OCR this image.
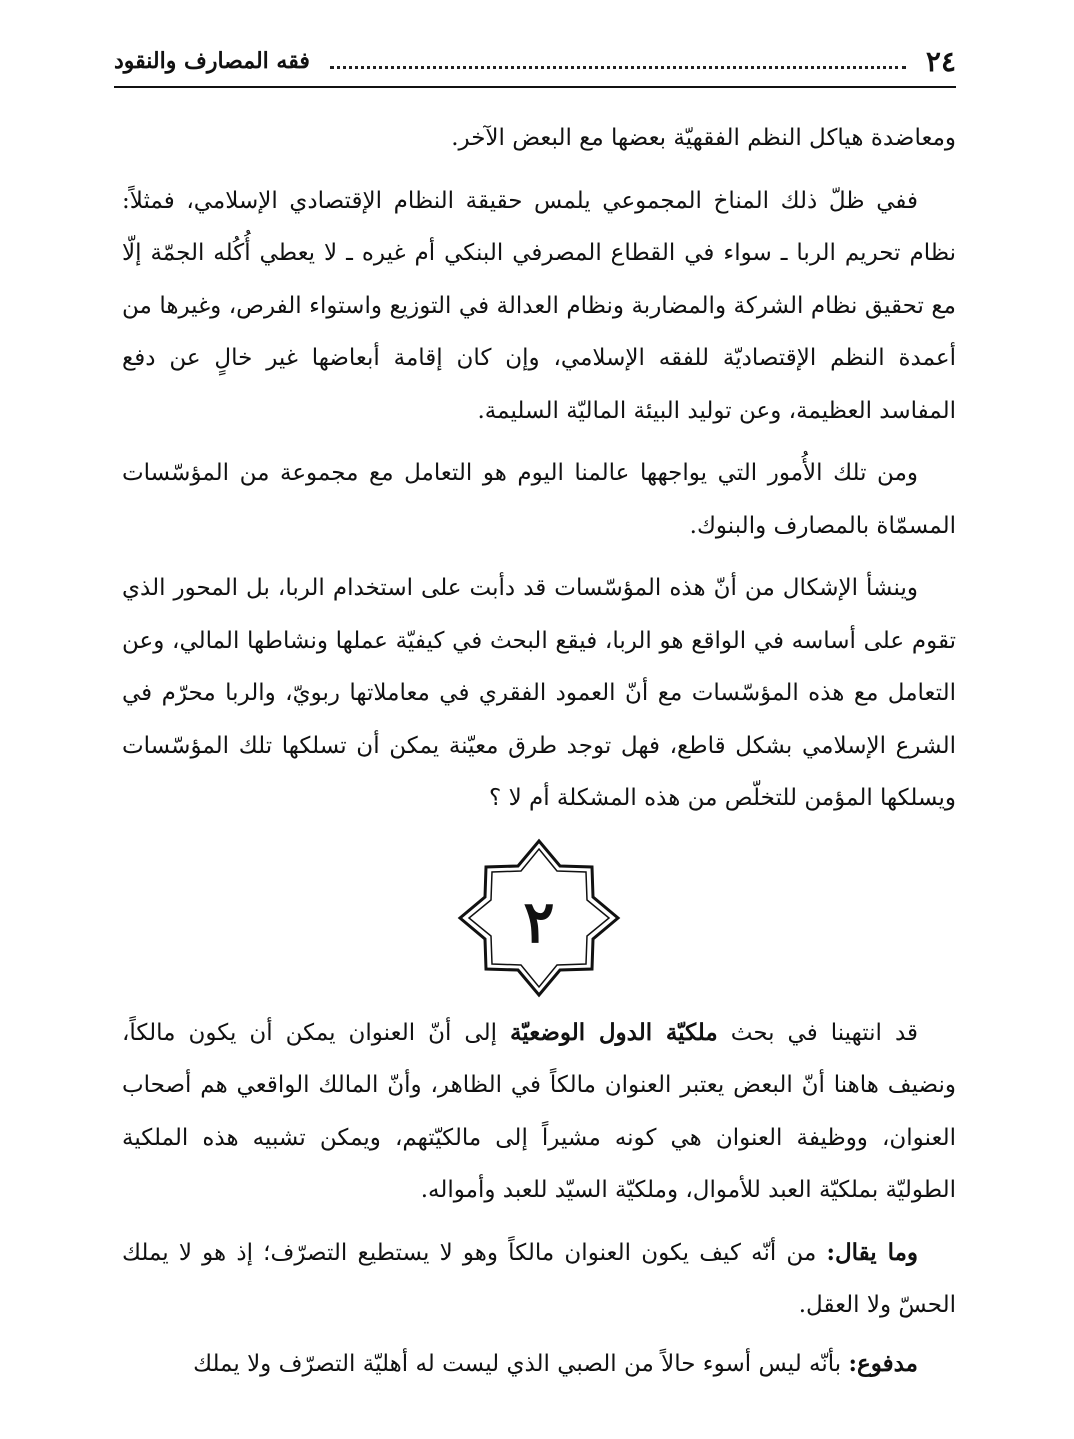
٢٤
فقه المصارف والنقود

ومعاضدة هياكل النظم الفقهيّة بعضها مع البعض الآخر.

ففي ظلّ ذلك المناخ المجموعي يلمس حقيقة النظام الإقتصادي الإسلامي، فمثلاً: نظام تحريم الربا ـ سواء في القطاع المصرفي البنكي أم غيره ـ لا يعطي أُكُله الجمّة إلّا مع تحقيق نظام الشركة والمضاربة ونظام العدالة في التوزيع واستواء الفرص، وغيرها من أعمدة النظم الإقتصاديّة للفقه الإسلامي، وإن كان إقامة أبعاضها غير خالٍ عن دفع المفاسد العظيمة، وعن توليد البيئة الماليّة السليمة.

ومن تلك الأُمور التي يواجهها عالمنا اليوم هو التعامل مع مجموعة من المؤسّسات المسمّاة بالمصارف والبنوك.

وينشأ الإشكال من أنّ هذه المؤسّسات قد دأبت على استخدام الربا، بل المحور الذي تقوم على أساسه في الواقع هو الربا، فيقع البحث في كيفيّة عملها ونشاطها المالي، وعن التعامل مع هذه المؤسّسات مع أنّ العمود الفقري في معاملاتها ربويّ، والربا محرّم في الشرع الإسلامي بشكل قاطع، فهل توجد طرق معيّنة يمكن أن تسلكها تلك المؤسّسات ويسلكها المؤمن للتخلّص من هذه المشكلة أم لا ؟

٢

قد انتهينا في بحث ملكيّة الدول الوضعيّة إلى أنّ العنوان يمكن أن يكون مالكاً، ونضيف هاهنا أنّ البعض يعتبر العنوان مالكاً في الظاهر، وأنّ المالك الواقعي هم أصحاب العنوان، ووظيفة العنوان هي كونه مشيراً إلى مالكيّتهم، ويمكن تشبيه هذه الملكية الطوليّة بملكيّة العبد للأموال، وملكيّة السيّد للعبد وأمواله.

وما يقال: من أنّه كيف يكون العنوان مالكاً وهو لا يستطيع التصرّف؛ إذ هو لا يملك الحسّ ولا العقل.

مدفوع: بأنّه ليس أسوء حالاً من الصبي الذي ليست له أهليّة التصرّف ولا يملك
